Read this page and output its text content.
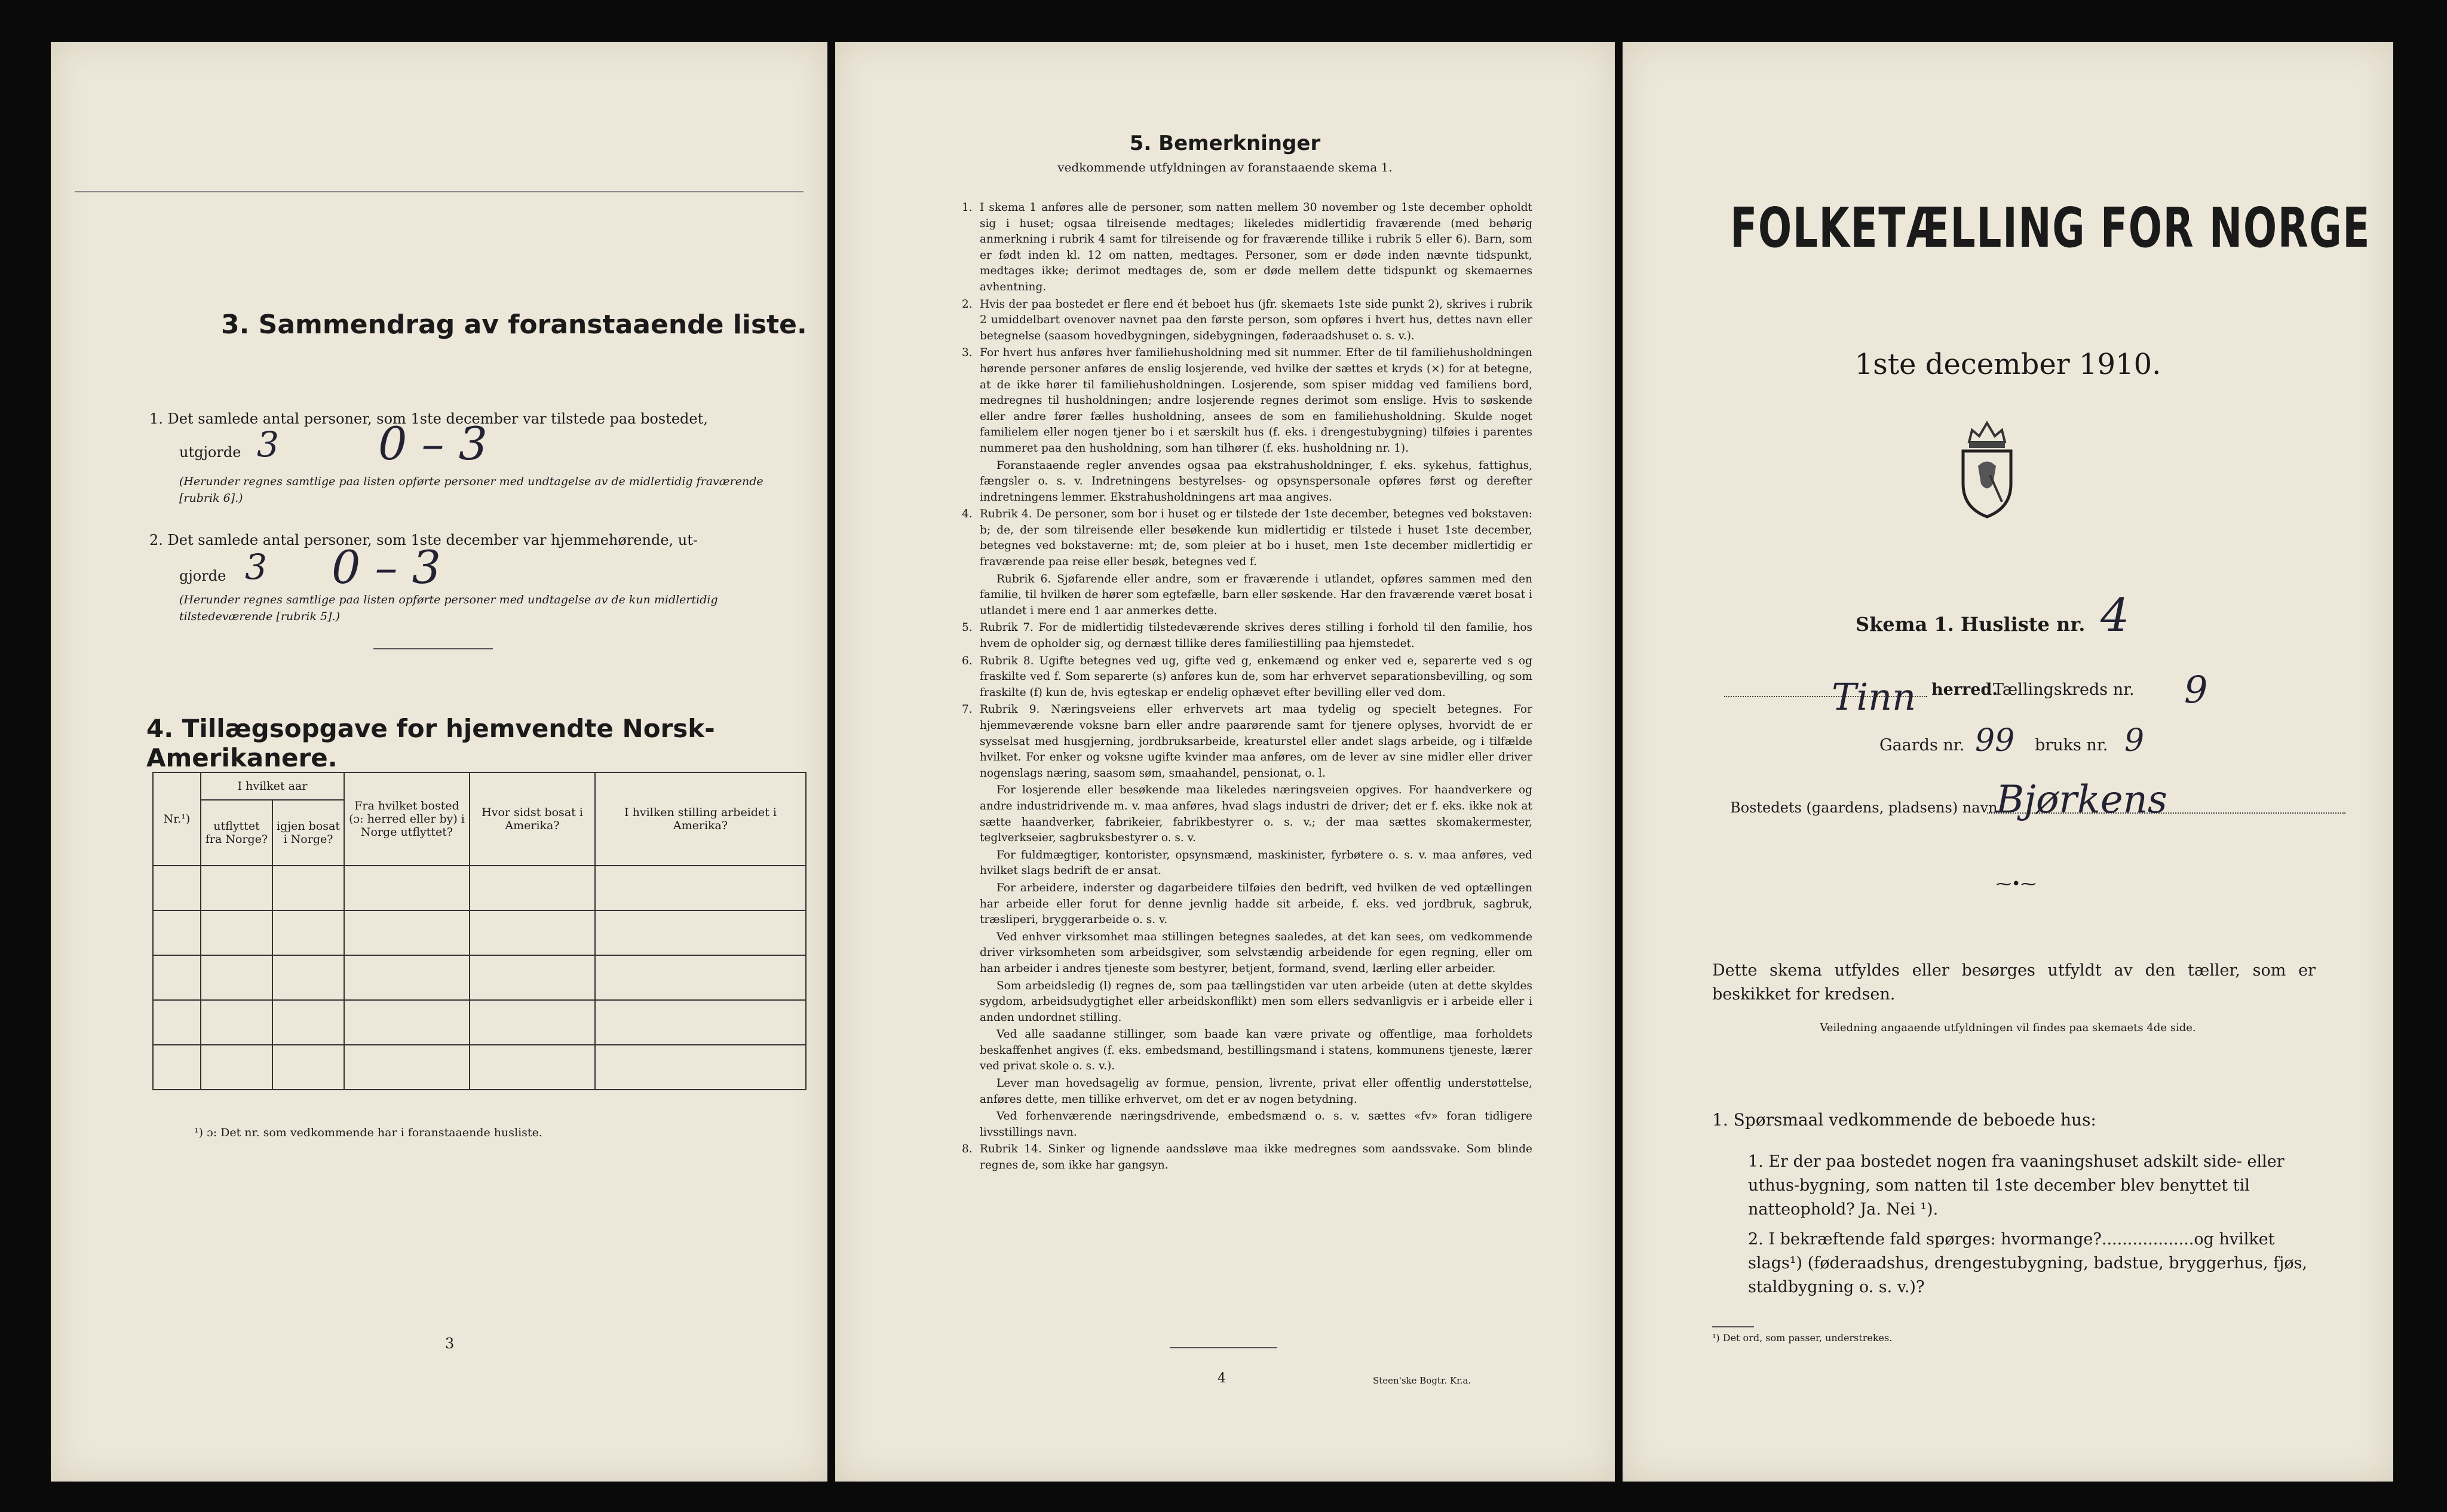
3. Sammendrag av foranstaaende liste.
1. Det samlede antal personer, som 1ste december var tilstede paa bostedet,
utgjorde 3 0 – 3
(Herunder regnes samtlige paa listen opførte personer med undtagelse av de midlertidig fraværende [rubrik 6].)
2. Det samlede antal personer, som 1ste december var hjemmehørende, ut-
gjorde 3 0 – 3
(Herunder regnes samtlige paa listen opførte personer med undtagelse av de kun midlertidig tilstedeværende [rubrik 5].)
4. Tillægsopgave for hjemvendte Norsk-Amerikanere.
Nr.¹)	I hvilket aar		Fra hvilket bosted (ɔ: herred eller by) i Norge utflyttet?	Hvor sidst bosat i Amerika?	I hvilken stilling arbeidet i Amerika?
	utflyttet fra Norge?	igjen bosat i Norge?			

¹) ɔ: Det nr. som vedkommende har i foranstaaende husliste.
3
5. Bemerkninger
vedkommende utfyldningen av foranstaaende skema 1.
1. I skema 1 anføres alle de personer, som natten mellem 30 november og 1ste december opholdt sig i huset; ogsaa tilreisende medtages; likeledes midlertidig fraværende (med behørig anmerkning i rubrik 4 samt for tilreisende og for fraværende tillike i rubrik 5 eller 6). Barn, som er født inden kl. 12 om natten, medtages. Personer, som er døde inden nævnte tidspunkt, medtages ikke; derimot medtages de, som er døde mellem dette tidspunkt og skemaernes avhentning.
2. Hvis der paa bostedet er flere end ét beboet hus (jfr. skemaets 1ste side punkt 2), skrives i rubrik 2 umiddelbart ovenover navnet paa den første person, som opføres i hvert hus, dettes navn eller betegnelse (saasom hovedbygningen, sidebygningen, føderaadshuset o. s. v.).
3. For hvert hus anføres hver familiehusholdning med sit nummer. Efter de til familiehusholdningen hørende personer anføres de enslig losjerende, ved hvilke der sættes et kryds (×) for at betegne, at de ikke hører til familiehusholdningen. Losjerende, som spiser middag ved familiens bord, medregnes til husholdningen; andre losjerende regnes derimot som enslige. Hvis to søskende eller andre fører fælles husholdning, ansees de som en familiehusholdning. Skulde noget familielem eller nogen tjener bo i et særskilt hus (f. eks. i drengestubygning) tilføies i parentes nummeret paa den husholdning, som han tilhører (f. eks. husholdning nr. 1).
Foranstaaende regler anvendes ogsaa paa ekstrahusholdninger, f. eks. sykehus, fattighus, fængsler o. s. v. Indretningens bestyrelses- og opsynspersonale opføres først og derefter indretningens lemmer. Ekstrahusholdningens art maa angives.
4. Rubrik 4. De personer, som bor i huset og er tilstede der 1ste december, betegnes ved bokstaven: b; de, der som tilreisende eller besøkende kun midlertidig er tilstede i huset 1ste december, betegnes ved bokstaverne: mt; de, som pleier at bo i huset, men 1ste december midlertidig er fraværende paa reise eller besøk, betegnes ved f.
Rubrik 6. Sjøfarende eller andre, som er fraværende i utlandet, opføres sammen med den familie, til hvilken de hører som egtefælle, barn eller søskende. Har den fraværende været bosat i utlandet i mere end 1 aar anmerkes dette.
5. Rubrik 7. For de midlertidig tilstedeværende skrives deres stilling i forhold til den familie, hos hvem de opholder sig, og dernæst tillike deres familiestilling paa hjemstedet.
6. Rubrik 8. Ugifte betegnes ved ug, gifte ved g, enkemænd og enker ved e, separerte ved s og fraskilte ved f. Som separerte (s) anføres kun de, som har erhvervet separationsbevilling, og som fraskilte (f) kun de, hvis egteskap er endelig ophævet efter bevilling eller ved dom.
7. Rubrik 9. Næringsveiens eller erhvervets art maa tydelig og specielt betegnes. For hjemmeværende voksne barn eller andre paarørende samt for tjenere oplyses, hvorvidt de er sysselsat med husgjerning, jordbruksarbeide, kreaturstel eller andet slags arbeide, og i tilfælde hvilket. For enker og voksne ugifte kvinder maa anføres, om de lever av sine midler eller driver nogenslags næring, saasom søm, smaahandel, pensionat, o. l.
For losjerende eller besøkende maa likeledes næringsveien opgives. For haandverkere og andre industridrivende m. v. maa anføres, hvad slags industri de driver; det er f. eks. ikke nok at sætte haandverker, fabrikeier, fabrikbestyrer o. s. v.; der maa sættes skomakermester, teglverkseier, sagbruksbestyrer o. s. v.
For fuldmægtiger, kontorister, opsynsmænd, maskinister, fyrbøtere o. s. v. maa anføres, ved hvilket slags bedrift de er ansat.
For arbeidere, inderster og dagarbeidere tilføies den bedrift, ved hvilken de ved optællingen har arbeide eller forut for denne jevnlig hadde sit arbeide, f. eks. ved jordbruk, sagbruk, træsliperi, bryggerarbeide o. s. v.
Ved enhver virksomhet maa stillingen betegnes saaledes, at det kan sees, om vedkommende driver virksomheten som arbeidsgiver, som selvstændig arbeidende for egen regning, eller om han arbeider i andres tjeneste som bestyrer, betjent, formand, svend, lærling eller arbeider.
Som arbeidsledig (l) regnes de, som paa tællingstiden var uten arbeide (uten at dette skyldes sygdom, arbeidsudygtighet eller arbeidskonflikt) men som ellers sedvanligvis er i arbeide eller i anden undordnet stilling.
Ved alle saadanne stillinger, som baade kan være private og offentlige, maa forholdets beskaffenhet angives (f. eks. embedsmand, bestillingsmand i statens, kommunens tjeneste, lærer ved privat skole o. s. v.).
Lever man hovedsagelig av formue, pension, livrente, privat eller offentlig understøttelse, anføres dette, men tillike erhvervet, om det er av nogen betydning.
Ved forhenværende næringsdrivende, embedsmænd o. s. v. sættes «fv» foran tidligere livsstillings navn.
8. Rubrik 14. Sinker og lignende aandssløve maa ikke medregnes som aandssvake. Som blinde regnes de, som ikke har gangsyn.
4	Steen'ske Bogtr. Kr.a.
FOLKETÆLLING FOR NORGE
1ste december 1910.
Skema 1. Husliste nr. 4
Tinn herred.
Tællingskreds nr. 9
Gaards nr. 99 bruks nr. 9
Bostedets (gaardens, pladsens) navn
Bjørkens
⁓•⁓
Dette skema utfyldes eller besørges utfyldt av den tæller, som er beskikket for kredsen.
Veiledning angaaende utfyldningen vil findes paa skemaets 4de side.
1. Spørsmaal vedkommende de beboede hus:
1. Er der paa bostedet nogen fra vaaningshuset adskilt side- eller uthus-bygning, som natten til 1ste december blev benyttet til natteophold? Ja. Nei ¹).
2. I bekræftende fald spørges: hvormange?..................og hvilket slags¹) (føderaadshus, drengestubygning, badstue, bryggerhus, fjøs, staldbygning o. s. v.)?
¹) Det ord, som passer, understrekes.
